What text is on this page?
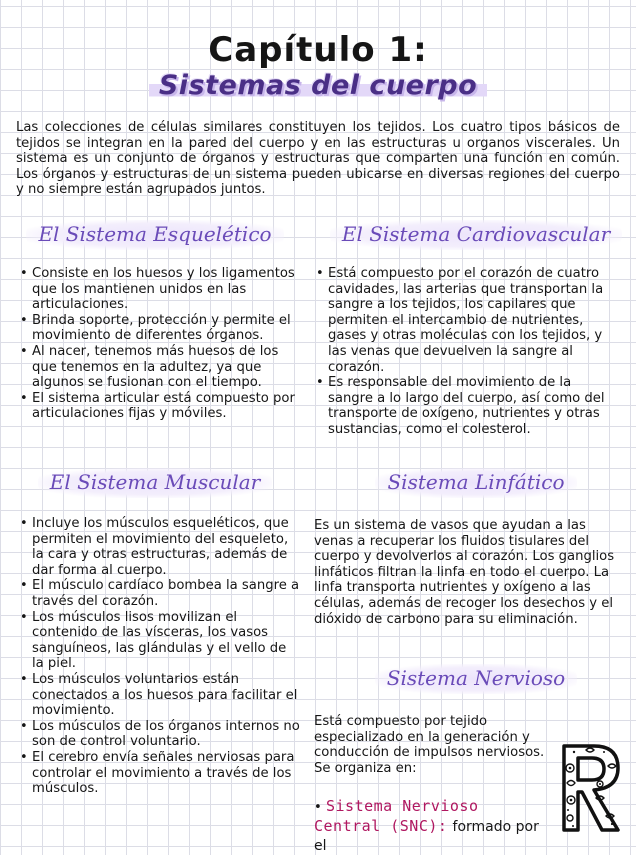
Capítulo 1:
Sistemas del cuerpo
Las colecciones de células similares constituyen los tejidos. Los cuatro tipos básicos de tejidos se integran en la pared del cuerpo y en las estructuras u organos viscerales. Un sistema es un conjunto de órganos y estructuras que comparten una función en común. Los órganos y estructuras de un sistema pueden ubicarse en diversas regiones del cuerpo y no siempre están agrupados juntos.
El Sistema Esquelético
• Consiste en los huesos y los ligamentos que los mantienen unidos en las articulaciones.
• Brinda soporte, protección y permite el movimiento de diferentes órganos.
• Al nacer, tenemos más huesos de los que tenemos en la adultez, ya que algunos se fusionan con el tiempo.
• El sistema articular está compuesto por articulaciones fijas y móviles.
El Sistema Muscular
• Incluye los músculos esqueléticos, que permiten el movimiento del esqueleto, la cara y otras estructuras, además de dar forma al cuerpo.
• El músculo cardíaco bombea la sangre a través del corazón.
• Los músculos lisos movilizan el contenido de las vísceras, los vasos sanguíneos, las glándulas y el vello de la piel.
• Los músculos voluntarios están conectados a los huesos para facilitar el movimiento.
• Los músculos de los órganos internos no son de control voluntario.
• El cerebro envía señales nerviosas para controlar el movimiento a través de los músculos.
El Sistema Cardiovascular
• Está compuesto por el corazón de cuatro cavidades, las arterias que transportan la sangre a los tejidos, los capilares que permiten el intercambio de nutrientes, gases y otras moléculas con los tejidos, y las venas que devuelven la sangre al corazón.
• Es responsable del movimiento de la sangre a lo largo del cuerpo, así como del transporte de oxígeno, nutrientes y otras sustancias, como el colesterol.
Sistema Linfático
Es un sistema de vasos que ayudan a las venas a recuperar los fluidos tisulares del cuerpo y devolverlos al corazón. Los ganglios linfáticos filtran la linfa en todo el cuerpo. La linfa transporta nutrientes y oxígeno a las células, además de recoger los desechos y el dióxido de carbono para su eliminación.
Sistema Nervioso
Está compuesto por tejido especializado en la generación y conducción de impulsos nerviosos. Se organiza en:
• Sistema Nervioso Central (SNC): formado por el
